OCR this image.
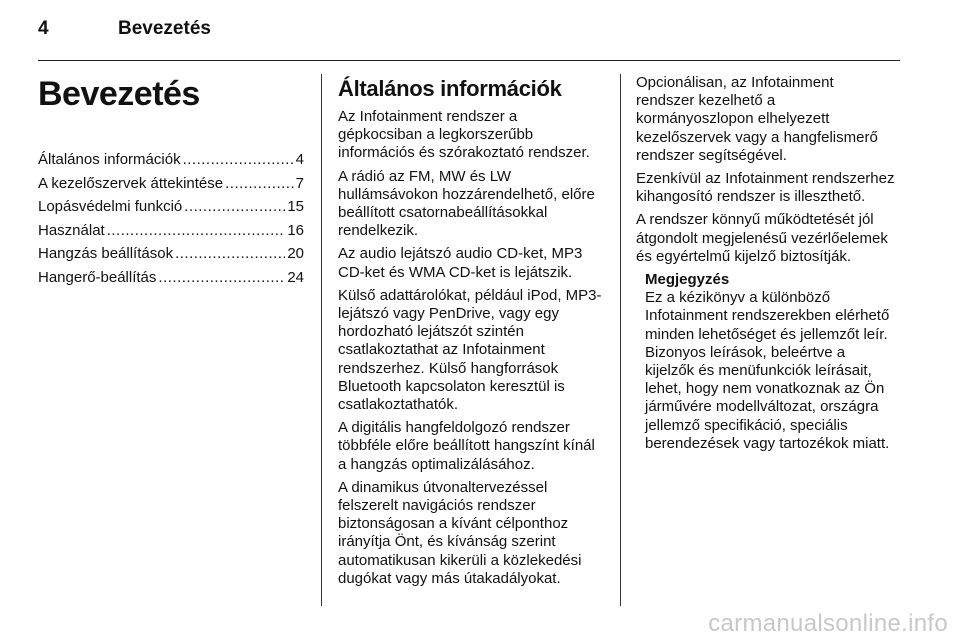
4	Bevezetés
Bevezetés
Általános információk .....	4
A kezelőszervek áttekintése .....	7
Lopásvédelmi funkció .....	15
Használat .....	16
Hangzás beállítások .....	20
Hangerő-beállítás .....	24
Általános információk

Az Infotainment rendszer a gépkocsiban a legkorszerűbb információs és szórakoztató rendszer.

A rádió az FM, MW és LW hullámsávokon hozzárendelhető, előre beállított csatornabeállításokkal rendelkezik.

Az audio lejátszó audio CD-ket, MP3 CD-ket és WMA CD-ket is lejátszik.

Külső adattárolókat, például iPod, MP3-lejátszó vagy PenDrive, vagy egy hordozható lejátszót szintén csatlakoztathat az Infotainment rendszerhez. Külső hangforrások Bluetooth kapcsolaton keresztül is csatlakoztathatók.

A digitális hangfeldolgozó rendszer többféle előre beállított hangszínt kínál a hangzás optimalizálásához.

A dinamikus útvonaltervezéssel felszerelt navigációs rendszer biztonságosan a kívánt célponthoz irányítja Önt, és kívánság szerint automatikusan kikerüli a közlekedési dugókat vagy más útakadályokat.

Opcionálisan, az Infotainment rendszer kezelhető a kormányoszlopon elhelyezett kezelőszervek vagy a hangfelismerő rendszer segítségével.

Ezenkívül az Infotainment rendszerhez kihangosító rendszer is illeszthető.

A rendszer könnyű működtetését jól átgondolt megjelenésű vezérlőelemek és egyértelmű kijelző biztosítják.

Megjegyzés

Ez a kézikönyv a különböző Infotainment rendszerekben elérhető minden lehetőséget és jellemzőt leír. Bizonyos leírások, beleértve a kijelzők és menüfunkciók leírásait, lehet, hogy nem vonatkoznak az Ön járművére modellváltozat, országra jellemző specifikáció, speciális berendezések vagy tartozékok miatt.

carmanualsonline.info
